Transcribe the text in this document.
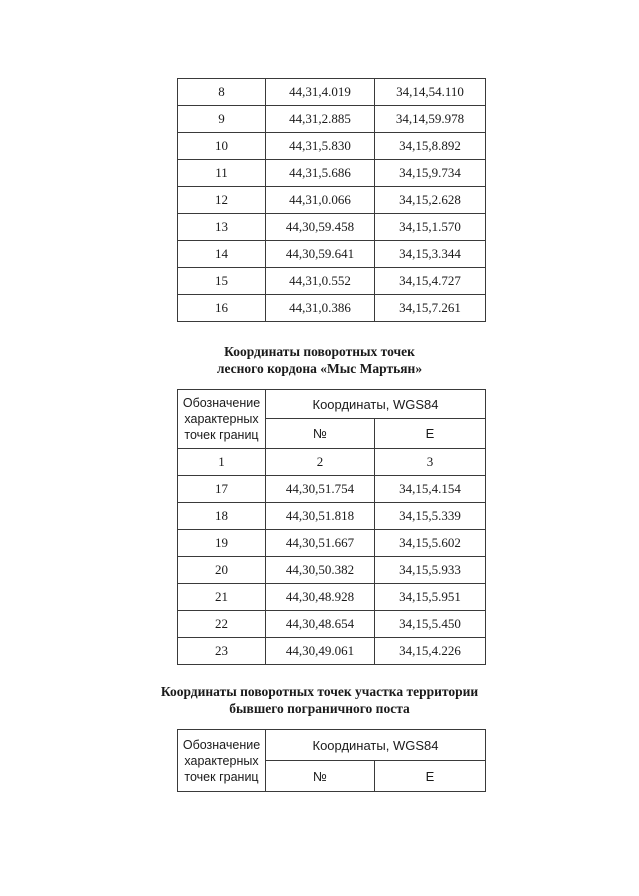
8	44,31,4.019	34,14,54.110
9	44,31,2.885	34,14,59.978
10	44,31,5.830	34,15,8.892
11	44,31,5.686	34,15,9.734
12	44,31,0.066	34,15,2.628
13	44,30,59.458	34,15,1.570
14	44,30,59.641	34,15,3.344
15	44,31,0.552	34,15,4.727
16	44,31,0.386	34,15,7.261
Координаты поворотных точек
лесного кордона «Мыс Мартьян»
Обозначение характерных точек границ	Координаты, WGS84	
	№	E
1	2	3
17	44,30,51.754	34,15,4.154
18	44,30,51.818	34,15,5.339
19	44,30,51.667	34,15,5.602
20	44,30,50.382	34,15,5.933
21	44,30,48.928	34,15,5.951
22	44,30,48.654	34,15,5.450
23	44,30,49.061	34,15,4.226
Координаты поворотных точек участка территории
бывшего пограничного поста
Обозначение характерных точек границ	Координаты, WGS84	
	№	E
